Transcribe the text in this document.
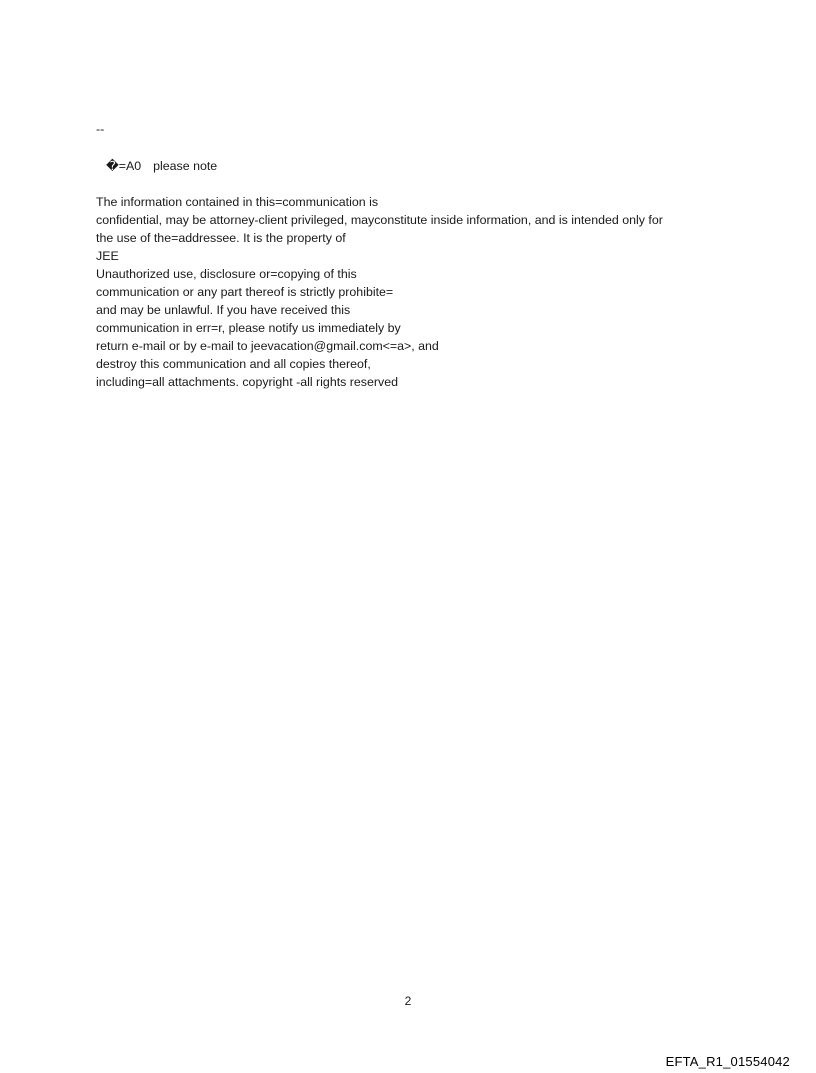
--
�=A0 please note
The information contained in this=communication is
confidential, may be attorney-client privileged, mayconstitute inside information, and is intended only for
the use of the=addressee. It is the property of
JEE
Unauthorized use, disclosure or=copying of this
communication or any part thereof is strictly prohibite=
and may be unlawful. If you have received this
communication in err=r, please notify us immediately by
return e-mail or by e-mail to jeevacation@gmail.com<=a>, and
destroy this communication and all copies thereof,
including=all attachments. copyright -all rights reserved
2
EFTA_R1_01554042
